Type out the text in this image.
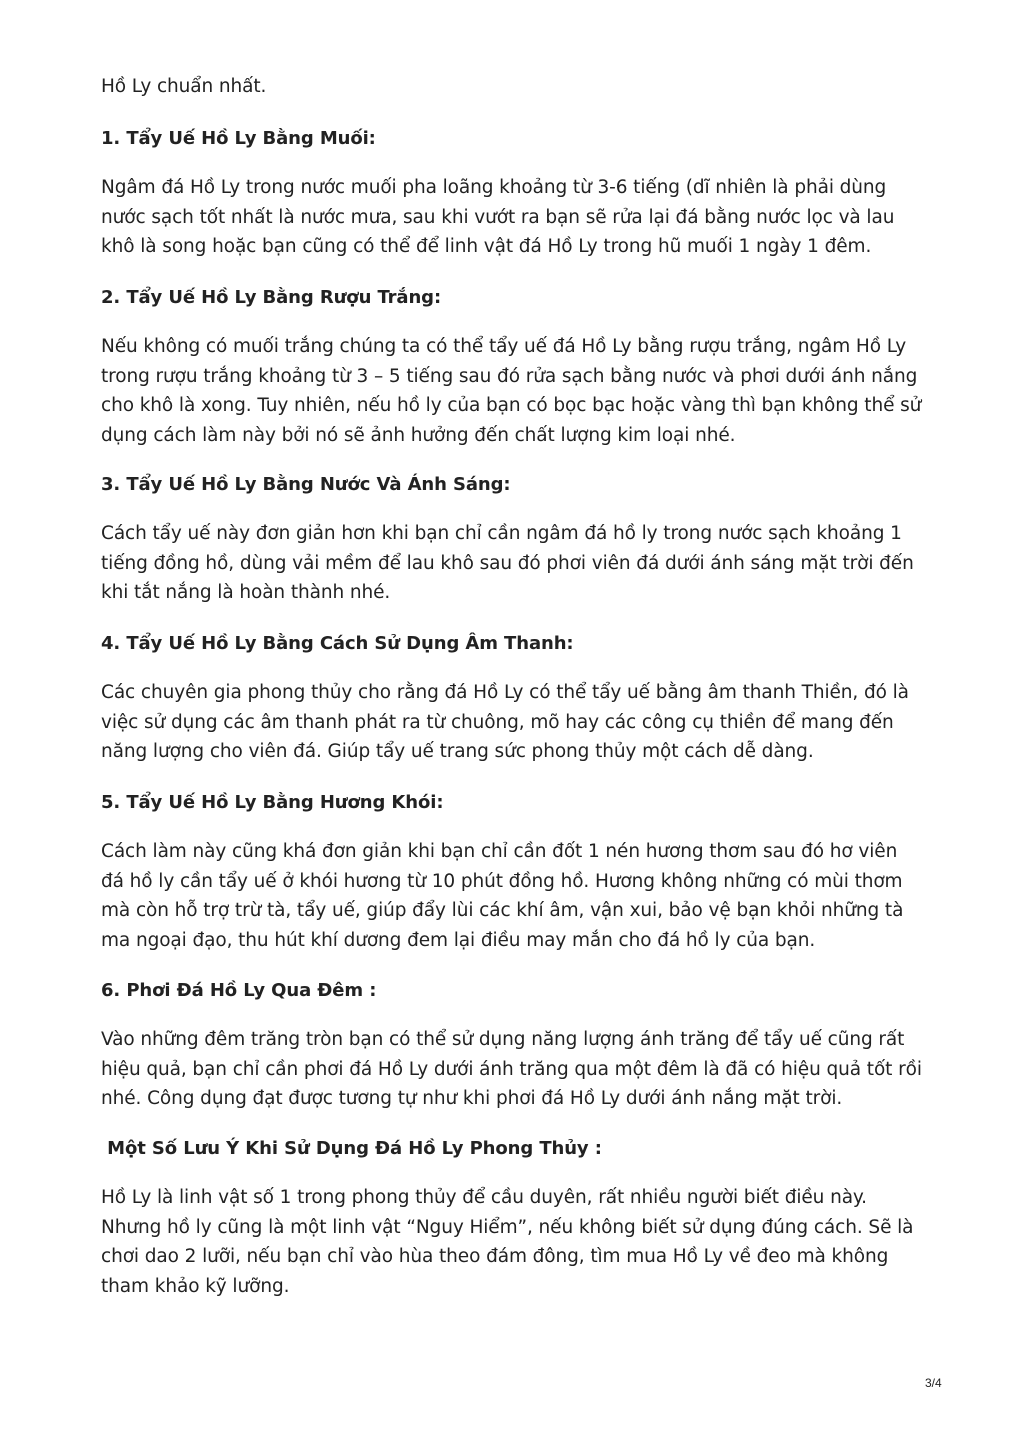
Hồ Ly chuẩn nhất.

1. Tẩy Uế Hồ Ly Bằng Muối:

Ngâm đá Hồ Ly trong nước muối pha loãng khoảng từ 3-6 tiếng (dĩ nhiên là phải dùng nước sạch tốt nhất là nước mưa, sau khi vướt ra bạn sẽ rửa lại đá bằng nước lọc và lau khô là song hoặc bạn cũng có thể để linh vật đá Hồ Ly trong hũ muối 1 ngày 1 đêm.

2. Tẩy Uế Hồ Ly Bằng Rượu Trắng:

Nếu không có muối trắng chúng ta có thể tẩy uế đá Hồ Ly bằng rượu trắng, ngâm Hồ Ly trong rượu trắng khoảng từ 3 – 5 tiếng sau đó rửa sạch bằng nước và phơi dưới ánh nắng cho khô là xong. Tuy nhiên, nếu hồ ly của bạn có bọc bạc hoặc vàng thì bạn không thể sử dụng cách làm này bởi nó sẽ ảnh hưởng đến chất lượng kim loại nhé.

3. Tẩy Uế Hồ Ly Bằng Nước Và Ánh Sáng:

Cách tẩy uế này đơn giản hơn khi bạn chỉ cần ngâm đá hồ ly trong nước sạch khoảng 1 tiếng đồng hồ, dùng vải mềm để lau khô sau đó phơi viên đá dưới ánh sáng mặt trời đến khi tắt nắng là hoàn thành nhé.

4. Tẩy Uế Hồ Ly Bằng Cách Sử Dụng Âm Thanh:

Các chuyên gia phong thủy cho rằng đá Hồ Ly có thể tẩy uế bằng âm thanh Thiền, đó là việc sử dụng các âm thanh phát ra từ chuông, mõ hay các công cụ thiền để mang đến năng lượng cho viên đá. Giúp tẩy uế trang sức phong thủy một cách dễ dàng.

5. Tẩy Uế Hồ Ly Bằng Hương Khói:

Cách làm này cũng khá đơn giản khi bạn chỉ cần đốt 1 nén hương thơm sau đó hơ viên đá hồ ly cần tẩy uế ở khói hương từ 10 phút đồng hồ. Hương không những có mùi thơm mà còn hỗ trợ trừ tà, tẩy uế, giúp đẩy lùi các khí âm, vận xui, bảo vệ bạn khỏi những tà ma ngoại đạo, thu hút khí dương đem lại điều may mắn cho đá hồ ly của bạn.

6. Phơi Đá Hồ Ly Qua Đêm :

Vào những đêm trăng tròn bạn có thể sử dụng năng lượng ánh trăng để tẩy uế cũng rất hiệu quả, bạn chỉ cần phơi đá Hồ Ly dưới ánh trăng qua một đêm là đã có hiệu quả tốt rồi nhé. Công dụng đạt được tương tự như khi phơi đá Hồ Ly dưới ánh nắng mặt trời.

Một Số Lưu Ý Khi Sử Dụng Đá Hồ Ly Phong Thủy :

Hồ Ly là linh vật số 1 trong phong thủy để cầu duyên, rất nhiều người biết điều này. Nhưng hồ ly cũng là một linh vật “Nguy Hiểm”, nếu không biết sử dụng đúng cách. Sẽ là chơi dao 2 lưỡi, nếu bạn chỉ vào hùa theo đám đông, tìm mua Hồ Ly về đeo mà không tham khảo kỹ lưỡng.

3/4
